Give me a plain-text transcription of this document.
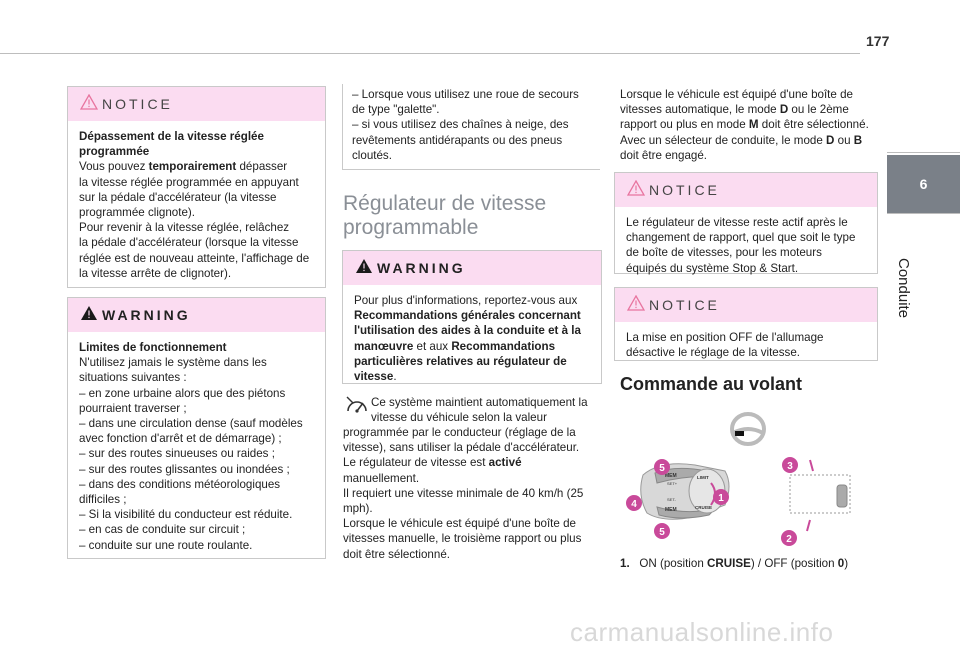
177
6
Conduite
NOTICE

Dépassement de la vitesse réglée programmée

Vous pouvez temporairement dépasser

la vitesse réglée programmée en appuyant

sur la pédale d'accélérateur (la vitesse

programmée clignote).

Pour revenir à la vitesse réglée, relâchez

la pédale d'accélérateur (lorsque la vitesse

réglée est de nouveau atteinte, l'affichage de

la vitesse arrête de clignoter).

WARNING

Limites de fonctionnement

N'utilisez jamais le système dans les

situations suivantes :

– en zone urbaine alors que des piétons

pourraient traverser ;

– dans une circulation dense (sauf modèles

avec fonction d'arrêt et de démarrage) ;

– sur des routes sinueuses ou raides ;

– sur des routes glissantes ou inondées ;

– dans des conditions météorologiques

difficiles ;

– Si la visibilité du conducteur est réduite.

– en cas de conduite sur circuit ;

– conduite sur une route roulante.

– Lorsque vous utilisez une roue de secours

de type "galette".

– si vous utilisez des chaînes à neige, des

revêtements antidérapants ou des pneus

cloutés.

Régulateur de vitesse
programmable
WARNING

Pour plus d'informations, reportez-vous aux

Recommandations générales concernant

l'utilisation des aides à la conduite et à la

manœuvre et aux Recommandations

particulières relatives au régulateur de

vitesse.

Ce système maintient automatiquement la

vitesse du véhicule selon la valeur

programmée par le conducteur (réglage de la

vitesse), sans utiliser la pédale d'accélérateur.

Le régulateur de vitesse est activé

manuellement.

Il requiert une vitesse minimale de 40 km/h (25

mph).

Lorsque le véhicule est équipé d'une boîte de

vitesses manuelle, le troisième rapport ou plus

doit être sélectionné.

Lorsque le véhicule est équipé d'une boîte de

vitesses automatique, le mode D ou le 2ème

rapport ou plus en mode M doit être sélectionné.

Avec un sélecteur de conduite, le mode D ou B

doit être engagé.

NOTICE

Le régulateur de vitesse reste actif après le

changement de rapport, quel que soit le type

de boîte de vitesses, pour les moteurs

équipés du système Stop & Start.

NOTICE

La mise en position OFF de l'allumage

désactive le réglage de la vitesse.

Commande au volant
MEM
MEM
LIMIT
CRUISE
SET+
SET-
5
4
5
1
3
2

1. ON (position CRUISE) / OFF (position 0)

carmanualsonline.info
